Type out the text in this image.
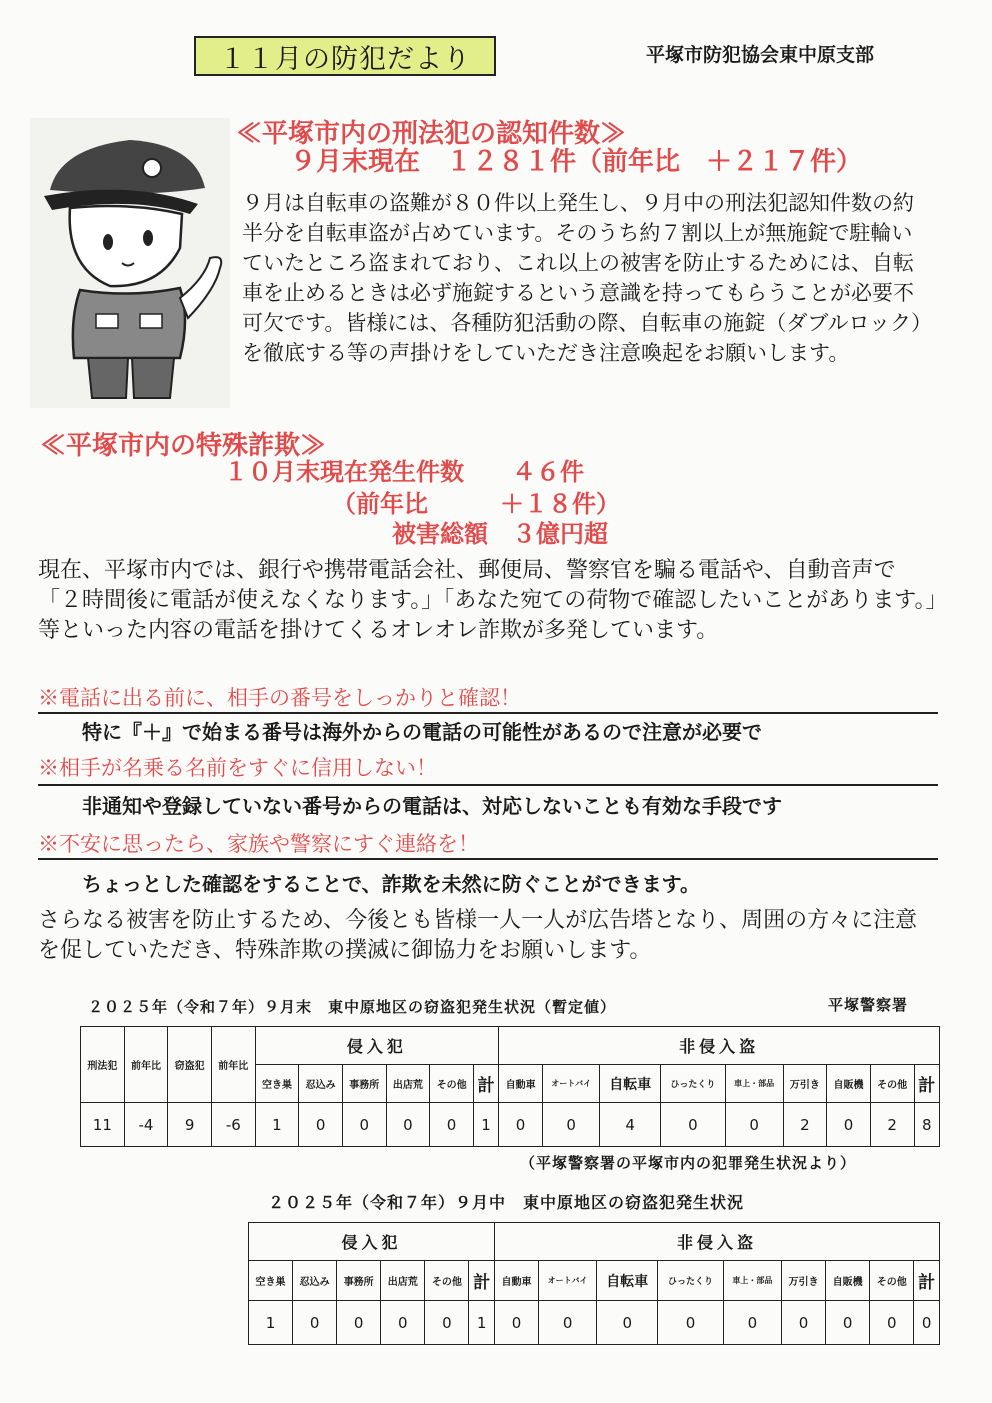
１１月の防犯だより	平塚市防犯協会東中原支部
≪平塚市内の刑法犯の認知件数≫
９月末現在　１２８１件（前年比　＋２１７件）
９月は自転車の盗難が８０件以上発生し、９月中の刑法犯認知件数の約半分を自転車盗が占めています。そのうち約７割以上が無施錠で駐輪いていたところ盗まれており、これ以上の被害を防止するためには、自転車を止めるときは必ず施錠するという意識を持ってもらうことが必要不可欠です。皆様には、各種防犯活動の際、自転車の施錠（ダブルロック）を徹底する等の声掛けをしていただき注意喚起をお願いします。
≪平塚市内の特殊詐欺≫
１０月末現在発生件数　　４６件
（前年比　　　＋１８件）
被害総額　３億円超
現在、平塚市内では、銀行や携帯電話会社、郵便局、警察官を騙る電話や、自動音声で「２時間後に電話が使えなくなります。」「あなた宛ての荷物で確認したいことがあります。」等といった内容の電話を掛けてくるオレオレ詐欺が多発しています。
※電話に出る前に、相手の番号をしっかりと確認！
特に『＋』で始まる番号は海外からの電話の可能性があるので注意が必要で
※相手が名乗る名前をすぐに信用しない！
非通知や登録していない番号からの電話は、対応しないことも有効な手段です
※不安に思ったら、家族や警察にすぐ連絡を！
ちょっとした確認をすることで、詐欺を未然に防ぐことができます。
さらなる被害を防止するため、今後とも皆様一人一人が広告塔となり、周囲の方々に注意を促していただき、特殊詐欺の撲滅に御協力をお願いします。
２０２５年（令和７年）９月末　東中原地区の窃盗犯発生状況（暫定値）	平塚警察署
刑法犯	前年比	窃盗犯	前年比	侵入犯						非侵入盗								
				空き巣	忍込み	事務所	出店荒	その他	計	自動車	オートバイ	自転車	ひったくり	車上・部品	万引き	自販機	その他	計
11	-4	9	-6	1	0	0	0	0	1	0	0	4	0	0	2	0	2	8
（平塚警察署の平塚市内の犯罪発生状況より）
２０２５年（令和７年）９月中　東中原地区の窃盗犯発生状況
侵入犯						非侵入盗								
空き巣	忍込み	事務所	出店荒	その他	計	自動車	オートバイ	自転車	ひったくり	車上・部品	万引き	自販機	その他	計
1	0	0	0	0	1	0	0	0	0	0	0	0	0	0
